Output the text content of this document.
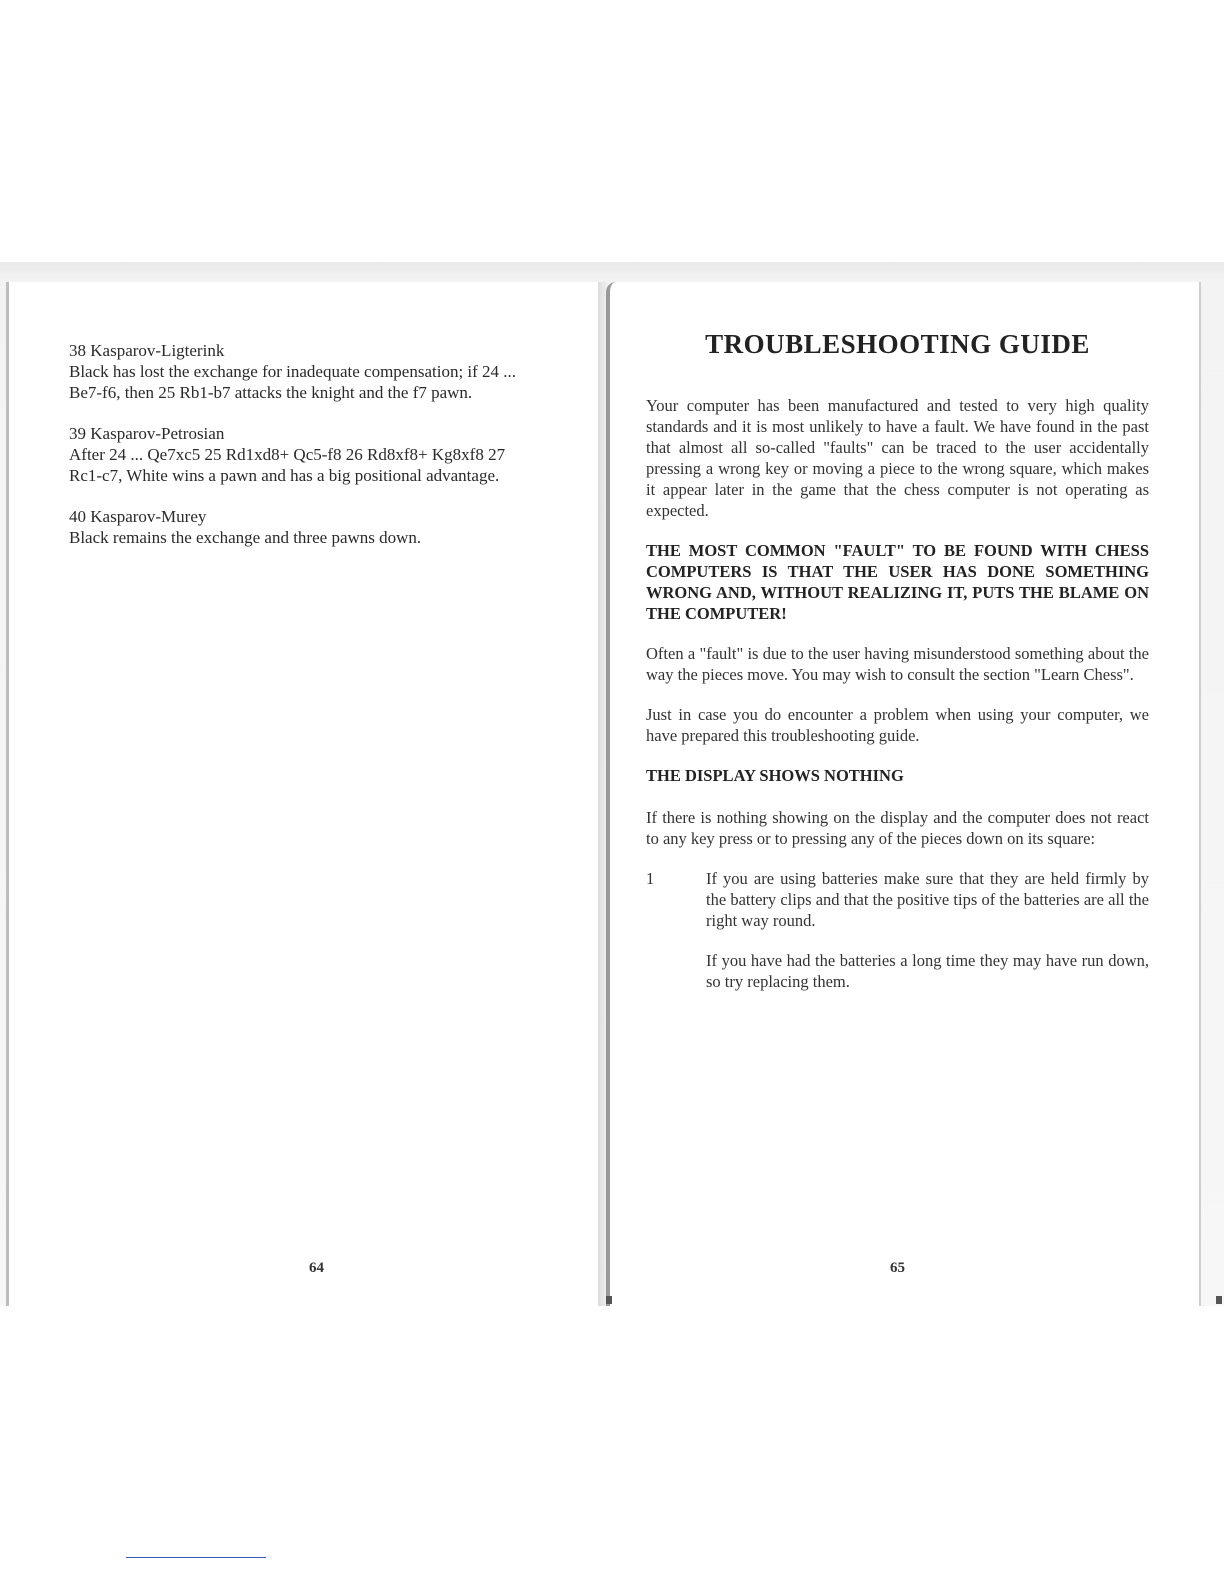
38 Kasparov-Ligterink

Black has lost the exchange for inadequate compensation; if 24 ...

Be7-f6, then 25 Rb1-b7 attacks the knight and the f7 pawn.

39 Kasparov-Petrosian

After 24 ... Qe7xc5 25 Rd1xd8+ Qc5-f8 26 Rd8xf8+ Kg8xf8 27

Rc1-c7, White wins a pawn and has a big positional advantage.

40 Kasparov-Murey

Black remains the exchange and three pawns down.

64
TROUBLESHOOTING GUIDE

Your computer has been manufactured and tested to very high quality standards and it is most unlikely to have a fault. We have found in the past that almost all so-called "faults" can be traced to the user accidentally pressing a wrong key or moving a piece to the wrong square, which makes it appear later in the game that the chess computer is not operating as expected.

THE MOST COMMON "FAULT" TO BE FOUND WITH CHESS COMPUTERS IS THAT THE USER HAS DONE SOMETHING WRONG AND, WITHOUT REALIZING IT, PUTS THE BLAME ON THE COMPUTER!

Often a "fault" is due to the user having misunderstood something about the way the pieces move. You may wish to consult the section "Learn Chess".

Just in case you do encounter a problem when using your computer, we have prepared this troubleshooting guide.

THE DISPLAY SHOWS NOTHING

If there is nothing showing on the display and the computer does not react to any key press or to pressing any of the pieces down on its square:

1	If you are using batteries make sure that they are held firmly by the battery clips and that the positive tips of the batteries are all the right way round.

If you have had the batteries a long time they may have run down, so try replacing them.

65
